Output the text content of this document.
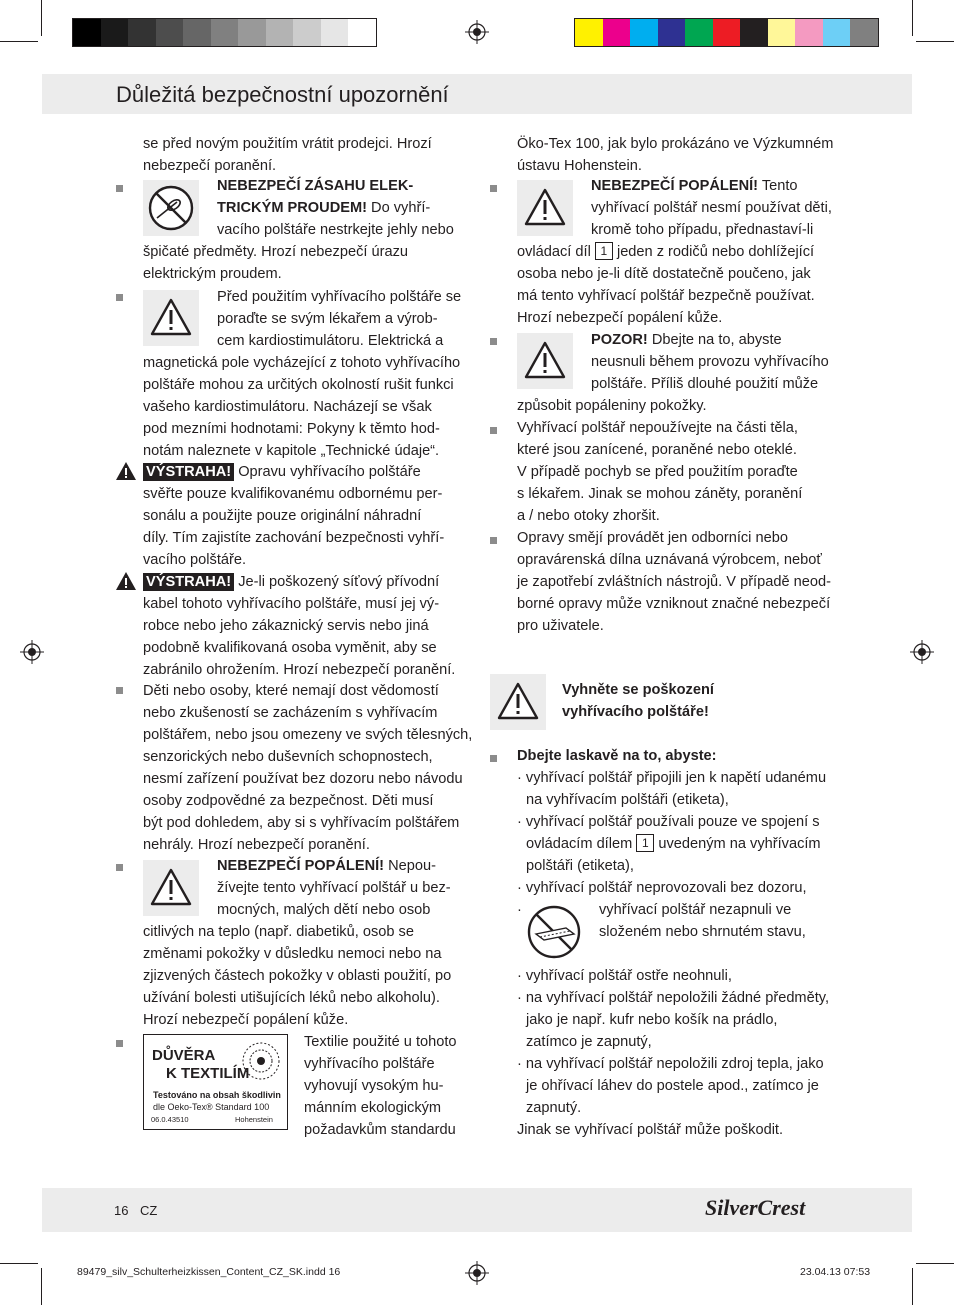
Důležitá bezpečnostní upozornění
se před novým použitím vrátit prodejci. Hrozí
nebezpečí poranění.
NEBEZPEČÍ ZÁSAHU ELEK-
TRICKÝM PROUDEM! Do vyhří-
vacího polštáře nestrkejte jehly nebo
špičaté předměty. Hrozí nebezpečí úrazu
elektrickým proudem.
Před použitím vyhřívacího polštáře se
poraďte se svým lékařem a výrob-
cem kardiostimulátoru. Elektrická a
magnetická pole vycházející z tohoto vyhřívacího
polštáře mohou za určitých okolností rušit funkci
vašeho kardiostimulátoru. Nacházejí se však
pod mezními hodnotami: Pokyny k těmto hod-
notám naleznete v kapitole „Technické údaje“.
VÝSTRAHA! Opravu vyhřívacího polštáře
svěřte pouze kvalifikovanému odbornému per-
sonálu a použijte pouze originální náhradní
díly. Tím zajistíte zachování bezpečnosti vyhří-
vacího polštáře.
VÝSTRAHA! Je-li poškozený síťový přívodní
kabel tohoto vyhřívacího polštáře, musí jej vý-
robce nebo jeho zákaznický servis nebo jiná
podobně kvalifikovaná osoba vyměnit, aby se
zabránilo ohrožením. Hrozí nebezpečí poranění.
Děti nebo osoby, které nemají dost vědomostí
nebo zkušeností se zacházením s vyhřívacím
polštářem, nebo jsou omezeny ve svých tělesných,
senzorických nebo duševních schopnostech,
nesmí zařízení používat bez dozoru nebo návodu
osoby zodpovědné za bezpečnost. Děti musí
být pod dohledem, aby si s vyhřívacím polštářem
nehrály. Hrozí nebezpečí poranění.
NEBEZPEČÍ POPÁLENÍ! Nepou-
žívejte tento vyhřívací polštář u bez-
mocných, malých dětí nebo osob
citlivých na teplo (např. diabetiků, osob se
změnami pokožky v důsledku nemoci nebo na
zjizvených částech pokožky v oblasti použití, po
užívání bolesti utišujících léků nebo alkoholu).
Hrozí nebezpečí popálení kůže.
DŮVĚRA
K TEXTILÍM
Testováno na obsah škodlivin
dle Oeko-Tex® Standard 100
06.0.43510	Hohenstein
Textilie použité u tohoto
vyhřívacího polštáře
vyhovují vysokým hu-
mánním ekologickým
požadavkům standardu
Öko-Tex 100, jak bylo prokázáno ve Výzkumném
ústavu Hohenstein.
NEBEZPEČÍ POPÁLENÍ! Tento
vyhřívací polštář nesmí používat děti,
kromě toho případu, přednastaví-li
ovládací díl 1 jeden z rodičů nebo dohlížející
osoba nebo je-li dítě dostatečně poučeno, jak
má tento vyhřívací polštář bezpečně používat.
Hrozí nebezpečí popálení kůže.
POZOR! Dbejte na to, abyste
neusnuli během provozu vyhřívacího
polštáře. Příliš dlouhé použití může
způsobit popáleniny pokožky.
Vyhřívací polštář nepoužívejte na části těla,
které jsou zanícené, poraněné nebo oteklé.
V případě pochyb se před použitím poraďte
s lékařem. Jinak se mohou záněty, poranění
a / nebo otoky zhoršit.
Opravy smějí provádět jen odborníci nebo
opravárenská dílna uznávaná výrobcem, neboť
je zapotřebí zvláštních nástrojů. V případě neod-
borné opravy může vzniknout značné nebezpečí
pro uživatele.
Vyhněte se poškození
vyhřívacího polštáře!
Dbejte laskavě na to, abyste:
· vyhřívací polštář připojili jen k napětí udanému
na vyhřívacím polštáři (etiketa),
· vyhřívací polštář používali pouze ve spojení s
ovládacím dílem 1 uvedeným na vyhřívacím
polštáři (etiketa),
· vyhřívací polštář neprovozovali bez dozoru,
·	vyhřívací polštář nezapnuli ve
složeném nebo shrnutém stavu,
· vyhřívací polštář ostře neohnuli,
· na vyhřívací polštář nepoložili žádné předměty,
jako je např. kufr nebo košík na prádlo,
zatímco je zapnutý,
· na vyhřívací polštář nepoložili zdroj tepla, jako
je ohřívací láhev do postele apod., zatímco je
zapnutý.
Jinak se vyhřívací polštář může poškodit.
16 CZ	SilverCrest
89479_silv_Schulterheizkissen_Content_CZ_SK.indd 16	23.04.13 07:53
